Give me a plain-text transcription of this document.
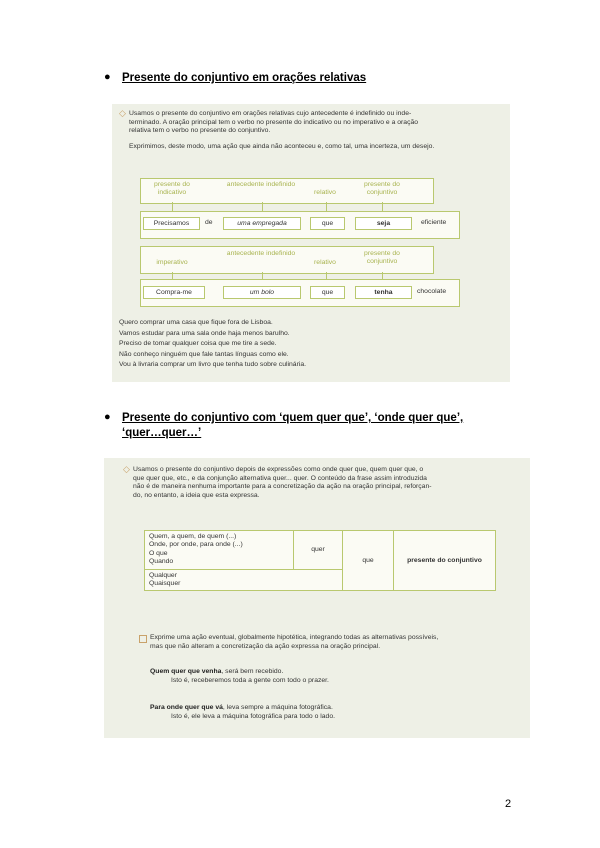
● Presente do conjuntivo em orações relativas
◇ Usamos o presente do conjuntivo em orações relativas cujo antecedente é indefinido ou inde-
terminado. A oração principal tem o verbo no presente do indicativo ou no imperativo e a oração
relativa tem o verbo no presente do conjuntivo.
Exprimimos, deste modo, uma ação que ainda não aconteceu e, como tal, uma incerteza, um desejo.
presente do indicativo
antecedente indefinido
relativo
presente do conjuntivo
Precisamos	de	uma empregada	que	seja	eficiente
imperativo
antecedente indefinido
relativo
presente do conjuntivo
Compra-me	um bolo	que	tenha	chocolate
Quero comprar uma casa que fique fora de Lisboa.
Vamos estudar para uma sala onde haja menos barulho.
Preciso de tomar qualquer coisa que me tire a sede.
Não conheço ninguém que fale tantas línguas como ele.
Vou à livraria comprar um livro que tenha tudo sobre culinária.
● Presente do conjuntivo com ‘quem quer que’, ‘onde quer que’,
‘quer…quer…’
◇ Usamos o presente do conjuntivo depois de expressões como onde quer que, quem quer que, o
que quer que, etc., e da conjunção alternativa quer... quer. O conteúdo da frase assim introduzida
não é de maneira nenhuma importante para a concretização da ação na oração principal, reforçan-
do, no entanto, a ideia que esta expressa.
Quem, a quem, de quem (...)
Onde, por onde, para onde (...)
O que
Quando
	quer	que	presente do conjuntivo

Qualquer
Quaisquer
Exprime uma ação eventual, globalmente hipotética, integrando todas as alternativas possíveis,
mas que não alteram a concretização da ação expressa na oração principal.
Quem quer que venha, será bem recebido.
Isto é, receberemos toda a gente com todo o prazer.
Para onde quer que vá, leva sempre a máquina fotográfica.
Isto é, ele leva a máquina fotográfica para todo o lado.
2
